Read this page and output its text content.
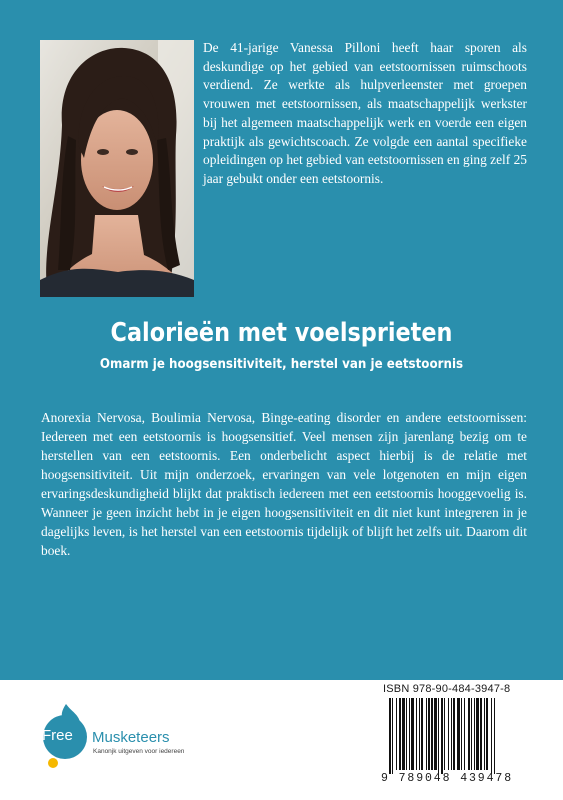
De 41-jarige Vanessa Pilloni heeft haar sporen als deskundige op het gebied van eetstoornissen ruimschoots verdiend. Ze werkte als hulpverleenster met groepen vrouwen met eetstoornissen, als maatschappelijk werkster bij het algemeen maatschappelijk werk en voerde een eigen praktijk als gewichtscoach. Ze volgde een aantal specifieke opleidingen op het gebied van eetstoornissen en ging zelf 25 jaar gebukt onder een eetstoornis.

Calorieën met voelsprieten
Omarm je hoogsensitiviteit, herstel van je eetstoornis

Anorexia Nervosa, Boulimia Nervosa, Binge-eating disorder en andere eetstoornissen: Iedereen met een eetstoornis is hoogsensitief. Veel mensen zijn jarenlang bezig om te herstellen van een eetstoornis. Een onderbelicht aspect hierbij is de relatie met hoogsensitiviteit. Uit mijn onderzoek, ervaringen van vele lotgenoten en mijn eigen ervaringsdeskundigheid blijkt dat praktisch iedereen met een eetstoornis hooggevoelig is. Wanneer je geen inzicht hebt in je eigen hoogsensitiviteit en dit niet kunt integreren in je dagelijks leven, is het herstel van een eetstoornis tijdelijk of blijft het zelfs uit. Daarom dit boek.

Free Musketeers
Kanonjk uitgeven voor iedereen
ISBN 978-90-484-3947-8
9 789048 439478
